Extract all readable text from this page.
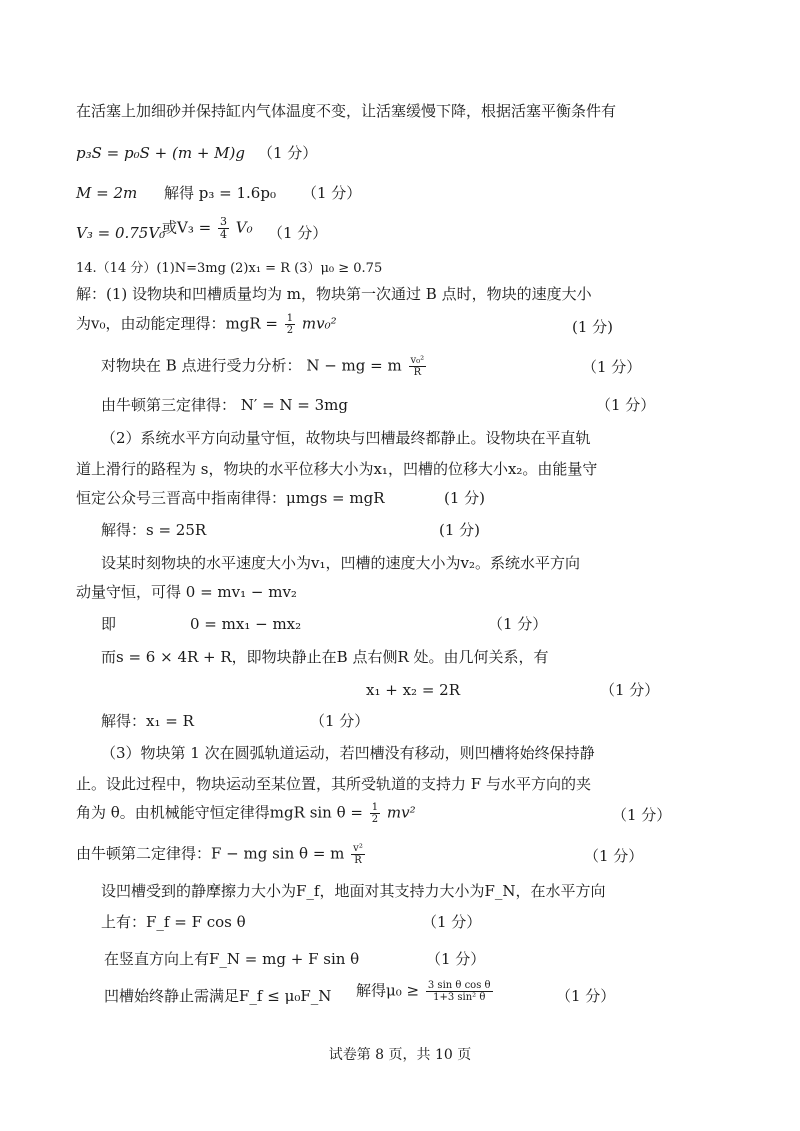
在活塞上加细砂并保持缸内气体温度不变，让活塞缓慢下降，根据活塞平衡条件有
p₃S = p₀S + (m + M)g （1 分）
M = 2m 解得 p₃ = 1.6p₀ （1 分）
V₃ = 0.75V₀
或$V_3 = \frac{3}{4} V_0$ （1 分）
14.（14 分）(1)N=3mg (2)x₁ = R (3）μ₀ ≥ 0.75
解：(1) 设物块和凹槽质量均为 m，物块第一次通过 B 点时，物块的速度大小
为v₀，由动能定理得：mgR = $\frac{1}{2} mv_0^2$	(1 分)
对物块在 B 点进行受力分析： N − mg = m $\frac{\text{v₀²}}{R}$	（1 分）
由牛顿第三定律得： N′ = N = 3mg	（1 分）
（2）系统水平方向动量守恒，故物块与凹槽最终都静止。设物块在平直轨
道上滑行的路程为 s，物块的水平位移大小为x₁，凹槽的位移大小x₂。由能量守
恒定公众号三晋高中指南律得：μmgs = mgR	(1 分)
解得：s = 25R	(1 分)
设某时刻物块的水平速度大小为v₁，凹槽的速度大小为v₂。系统水平方向
动量守恒，可得 0 = mv₁ − mv₂
即	0 = mx₁ − mx₂	（1 分）
而s = 6 × 4R + R，即物块静止在B 点右侧R 处。由几何关系，有
x₁ + x₂ = 2R	（1 分）
解得：x₁ = R	（1 分）
（3）物块第 1 次在圆弧轨道运动，若凹槽没有移动，则凹槽将始终保持静
止。设此过程中，物块运动至某位置，其所受轨道的支持力 F 与水平方向的夹
角为 θ。由机械能守恒定律得mgR $\sin \theta = \frac{1}{2} mv^2$	（1 分）
由牛顿第二定律得：F − mg sin θ = m $\frac{\text{v²}}{R}$	（1 分）
设凹槽受到的静摩擦力大小为F_f，地面对其支持力大小为F_N，在水平方向
上有：F_f = F cos θ	（1 分）
在竖直方向上有F_N = mg + F sin θ	（1 分）
凹槽始终静止需满足F_f ≤ μ₀F_N 解得$\mu_0 \ge \frac{\text{3 sin θ cos θ}}{\text{1+3 sin² θ}}$	（1 分）
试卷第 8 页，共 10 页
